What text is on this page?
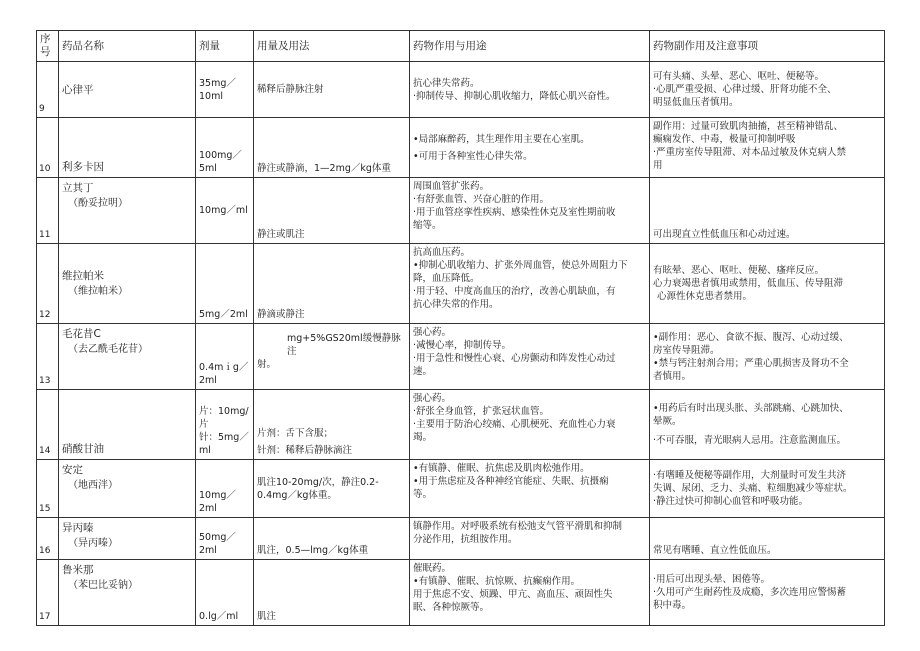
序号	药品名称	剂量	用量及用法	药物作用与用途	药物副作用及注意事项
9	心律平	35mg／10ml	稀释后静脉注射	抗心律失常药。
·抑制传导、抑制心肌收缩力，降低心肌兴奋性。	可有头痛、头晕、恶心、呕吐、便秘等。
·心肌严重受损、心律过缓、肝肾功能不全、
明显低血压者慎用。

10	利多卡因	100mg／5ml	静注或静滴，1—2mg／kg体重	•局部麻醉药，其生理作用主要在心室肌。
•可用于各种室性心律失常。	副作用：过量可致肌肉抽搐，甚至精神错乱、
癫痫发作、中毒，极量可抑制呼吸
·严重房室传导阻滞、对本品过敏及休克病人禁
用

11	立其丁
（酚妥拉明）	10mg／ml	静注或肌注	周围血管扩张药。
·有舒张血管、兴奋心脏的作用。
·用于血管痉挛性疾病、感染性休克及室性期前收
缩等。	可出现直立性低血压和心动过速。

12	维拉帕米
（维拉帕米）	5mg／2ml	静滴或静注	抗高血压药。
•抑制心肌收缩力、扩张外周血管，使总外周阻力下
降，血压降低。
·用于轻、中度高血压的治疗，改善心肌缺血，有
抗心律失常的作用。	有眩晕、恶心、呕吐、便秘、瘙痒反应。
心力衰竭患者慎用或禁用，低血压、传导阻滞
心源性休克患者禁用。

13	毛花昔C
（去乙酰毛花苷）	0.4mｉg／2ml	mg+5%GS20ml缓慢静脉注
射。	强心药。
·减慢心率，抑制传导。
·用于急性和慢性心衰、心房颤动和阵发性心动过
速。	•副作用：恶心、食欲不振、腹泻、心动过缓、
房室传导阻滞。
•禁与钙注射剂合用；严重心肌损害及肾功不全
者慎用。

14	硝酸甘油	片：10mg/片
针：5mg／ml	片剂：舌下含服；
针剂：稀释后静脉滴注	强心药。
·舒张全身血管，扩张冠状血管。
·主要用于防治心绞痛、心肌梗死、充血性心力衰
竭。	•用药后有时出现头胀、头部跳痛、心跳加快、
晕厥。
·不可吞服，青光眼病人忌用。注意监测血压。

15	安定
（地西泮）	10mg／2ml	肌注10-20mg/次，静注0.2-
0.4mg／kg体重。	•有镇静、催眠、抗焦虑及肌肉松弛作用。
•用于焦虑症及各种神经官能症、失眠、抗摄痫
等。	·有嗜睡及便秘等副作用，大剂量时可发生共济
失调、尿闭、乏力、头痛、粒细胞减少等症状。
·静注过快可抑制心血管和呼吸功能。

16	异丙嗪
（异丙嗪）	50mg／2ml	肌注，0.5—lmg／kg体重	镇静作用。对呼吸系统有松弛支气管平滑肌和抑制
分泌作用，抗组胺作用。	常见有嗜睡、直立性低血压。

17	鲁米那
（苯巴比妥钠）	0.lg／ml	肌注	催眠药。
•有镇静、催眠、抗惊厥、抗癫痫作用。
用于焦虑不安、烦躁、甲亢、高血压、顽固性失
眠、各种惊厥等。	·用后可出现头晕、困倦等。
·久用可产生耐药性及成瘾，多次连用应警惕蓄
积中毒。
